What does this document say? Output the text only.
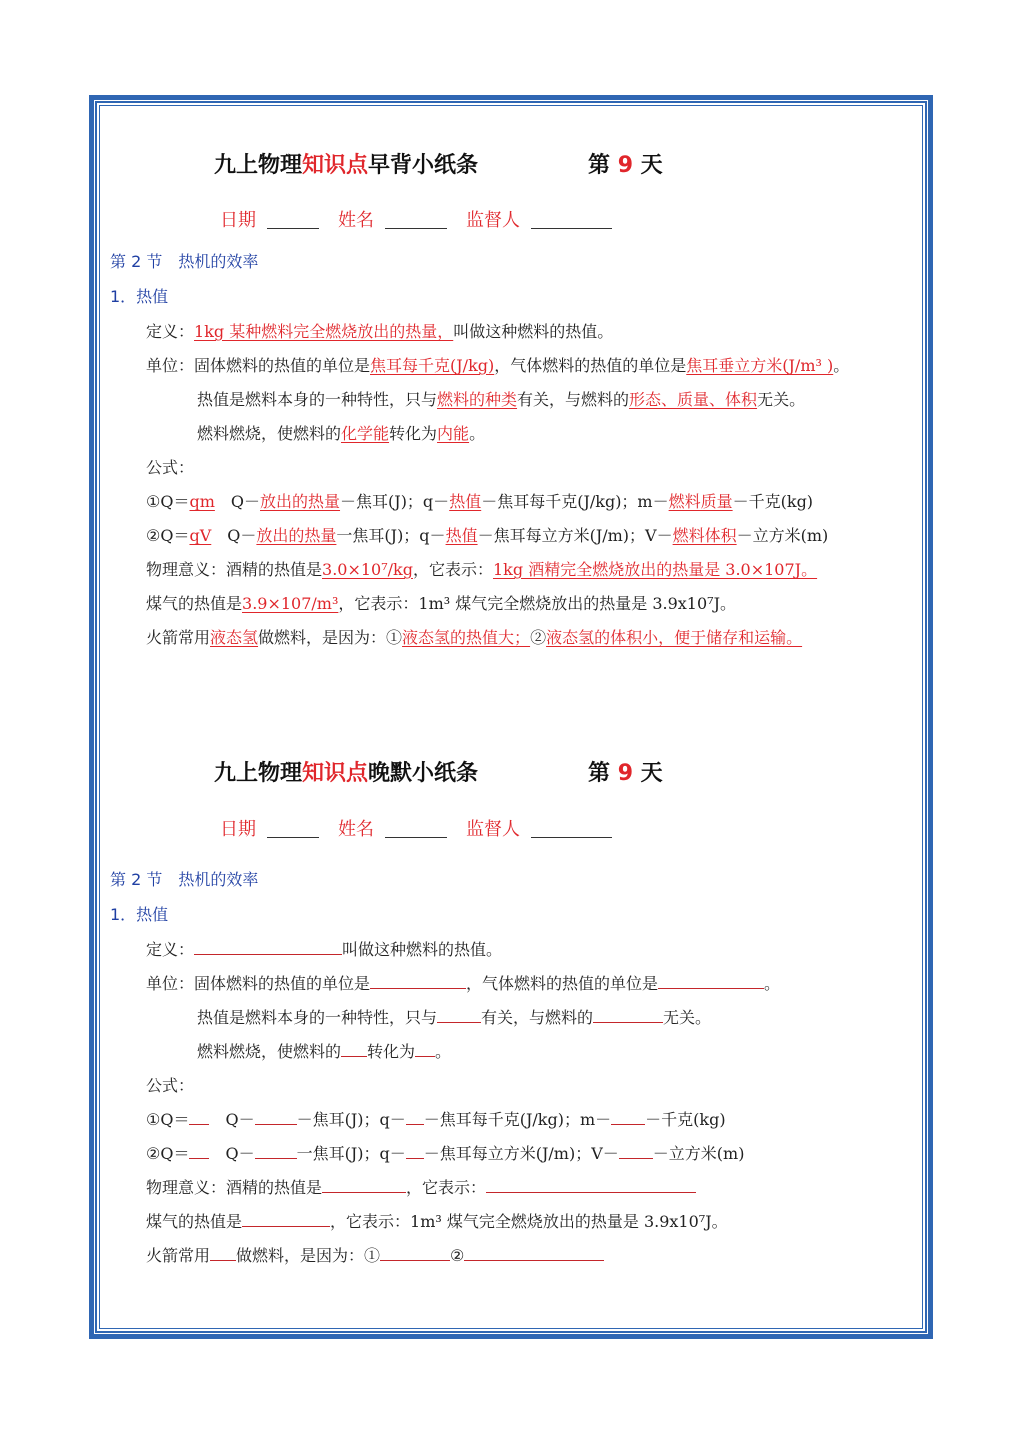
九上物理知识点早背小纸条	第 9 天
日期	姓名	监督人
第 2 节　热机的效率
1．热值
定义：1kg 某种燃料完全燃烧放出的热量，叫做这种燃料的热值。
单位：固体燃料的热值的单位是焦耳每千克(J/kg)，气体燃料的热值的单位是焦耳垂立方米(J/m³ )。
热值是燃料本身的一种特性，只与燃料的种类有关，与燃料的形态、质量、体积无关。
燃料燃烧，使燃料的化学能转化为内能。
公式：
①Q＝qm　Q－放出的热量－焦耳(J)；q－热值－焦耳每千克(J/kg)；m－燃料质量－千克(kg)
②Q＝qV　Q－放出的热量一焦耳(J)；q－热值－焦耳每立方米(J/m)；V－燃料体积－立方米(m)
物理意义：酒精的热值是3.0×10⁷/kg，它表示：1kg 酒精完全燃烧放出的热量是 3.0×107J。
煤气的热值是3.9×107/m³，它表示：1m³ 煤气完全燃烧放出的热量是 3.9x10⁷J。
火箭常用液态氢做燃料，是因为：①液态氢的热值大；②液态氢的体积小，便于储存和运输。
九上物理知识点晚默小纸条	第 9 天
日期	姓名	监督人
第 2 节　热机的效率
1．热值
定义：	叫做这种燃料的热值。
单位：固体燃料的热值的单位是	，气体燃料的热值的单位是	。
热值是燃料本身的一种特性，只与	有关，与燃料的	无关。
燃料燃烧，使燃料的 转化为 。
公式：
①Q＝　Q－	－焦耳(J)；q－ －焦耳每千克(J/kg)；m－ －千克(kg)
②Q＝　Q－	一焦耳(J)；q－ －焦耳每立方米(J/m)；V－ －立方米(m)
物理意义：酒精的热值是	，它表示：
煤气的热值是	，它表示：1m³ 煤气完全燃烧放出的热量是 3.9x10⁷J。
火箭常用 做燃料，是因为：①	②
